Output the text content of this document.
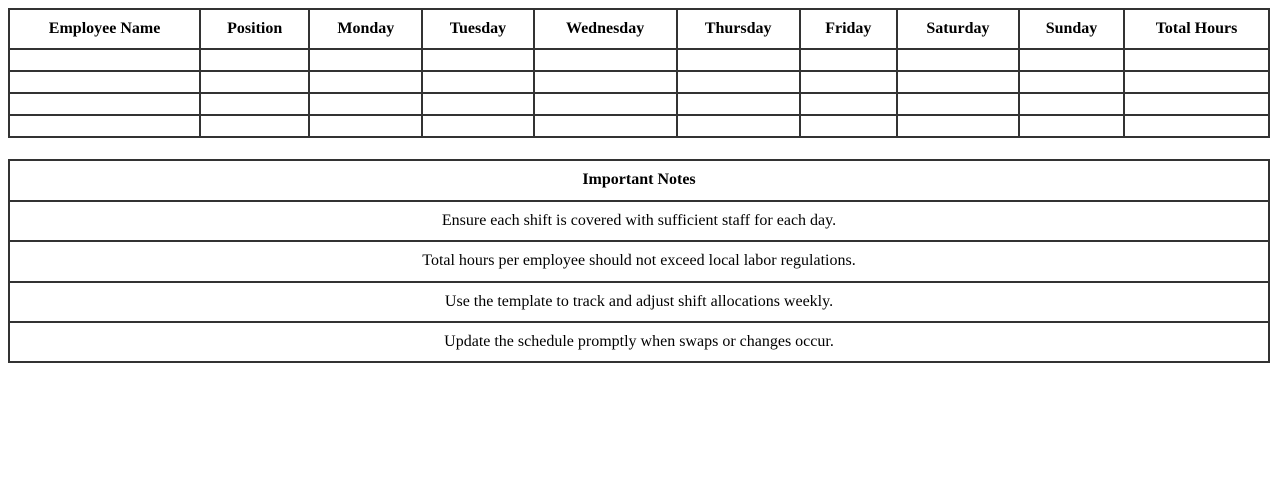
Employee Name	Position	Monday	Tuesday	Wednesday	Thursday	Friday	Saturday	Sunday	Total Hours

Important Notes
Ensure each shift is covered with sufficient staff for each day.
Total hours per employee should not exceed local labor regulations.
Use the template to track and adjust shift allocations weekly.
Update the schedule promptly when swaps or changes occur.
